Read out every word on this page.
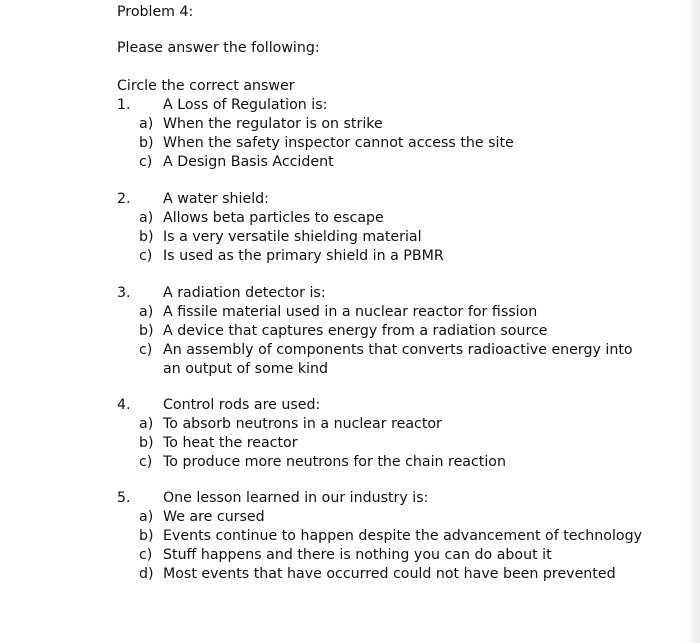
Problem 4:
Please answer the following:
Circle the correct answer
1. A Loss of Regulation is:
a) When the regulator is on strike
b) When the safety inspector cannot access the site
c) A Design Basis Accident
2. A water shield:
a) Allows beta particles to escape
b) Is a very versatile shielding material
c) Is used as the primary shield in a PBMR
3. A radiation detector is:
a) A fissile material used in a nuclear reactor for fission
b) A device that captures energy from a radiation source
c) An assembly of components that converts radioactive energy into an output of some kind
4. Control rods are used:
a) To absorb neutrons in a nuclear reactor
b) To heat the reactor
c) To produce more neutrons for the chain reaction
5. One lesson learned in our industry is:
a) We are cursed
b) Events continue to happen despite the advancement of technology
c) Stuff happens and there is nothing you can do about it
d) Most events that have occurred could not have been prevented
